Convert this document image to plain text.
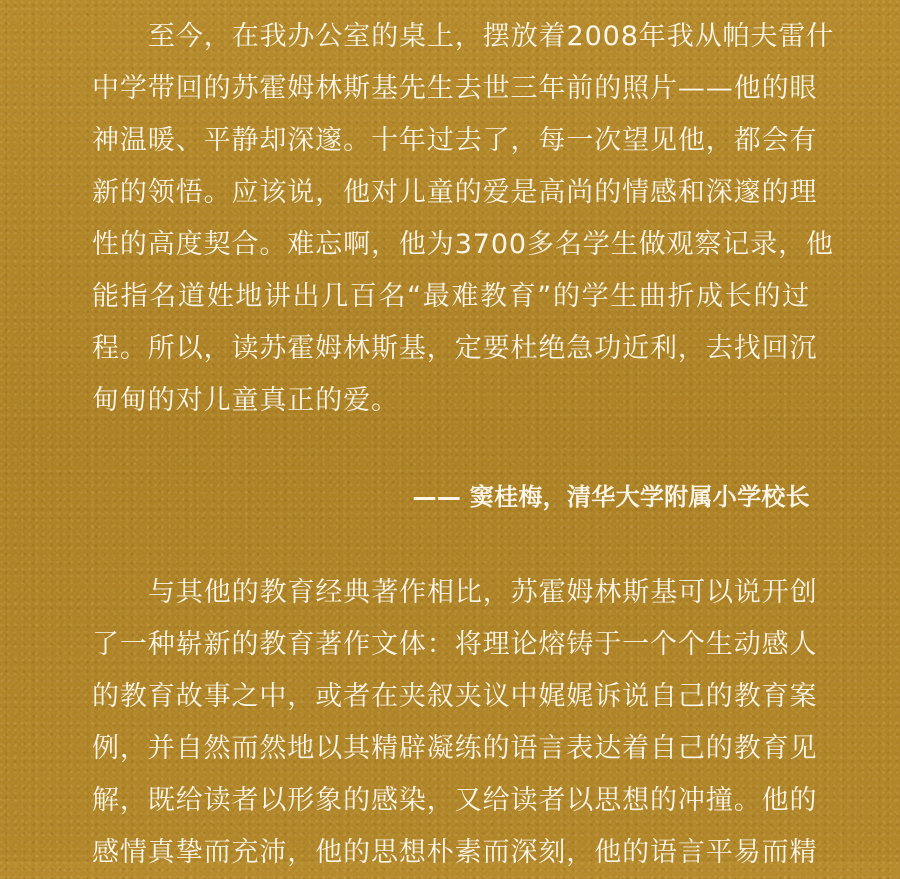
至今，在我办公室的桌上，摆放着2008年我从帕夫雷什
中学带回的苏霍姆林斯基先生去世三年前的照片——他的眼
神温暖、平静却深邃。十年过去了，每一次望见他，都会有
新的领悟。应该说，他对儿童的爱是高尚的情感和深邃的理
性的高度契合。难忘啊，他为3700多名学生做观察记录，他
能指名道姓地讲出几百名“最难教育”的学生曲折成长的过
程。所以，读苏霍姆林斯基，定要杜绝急功近利，去找回沉
甸甸的对儿童真正的爱。

—— 窦桂梅，清华大学附属小学校长

与其他的教育经典著作相比，苏霍姆林斯基可以说开创
了一种崭新的教育著作文体：将理论熔铸于一个个生动感人
的教育故事之中，或者在夹叙夹议中娓娓诉说自己的教育案
例，并自然而然地以其精辟凝练的语言表达着自己的教育见
解，既给读者以形象的感染，又给读者以思想的冲撞。他的
感情真挚而充沛，他的思想朴素而深刻，他的语言平易而精
